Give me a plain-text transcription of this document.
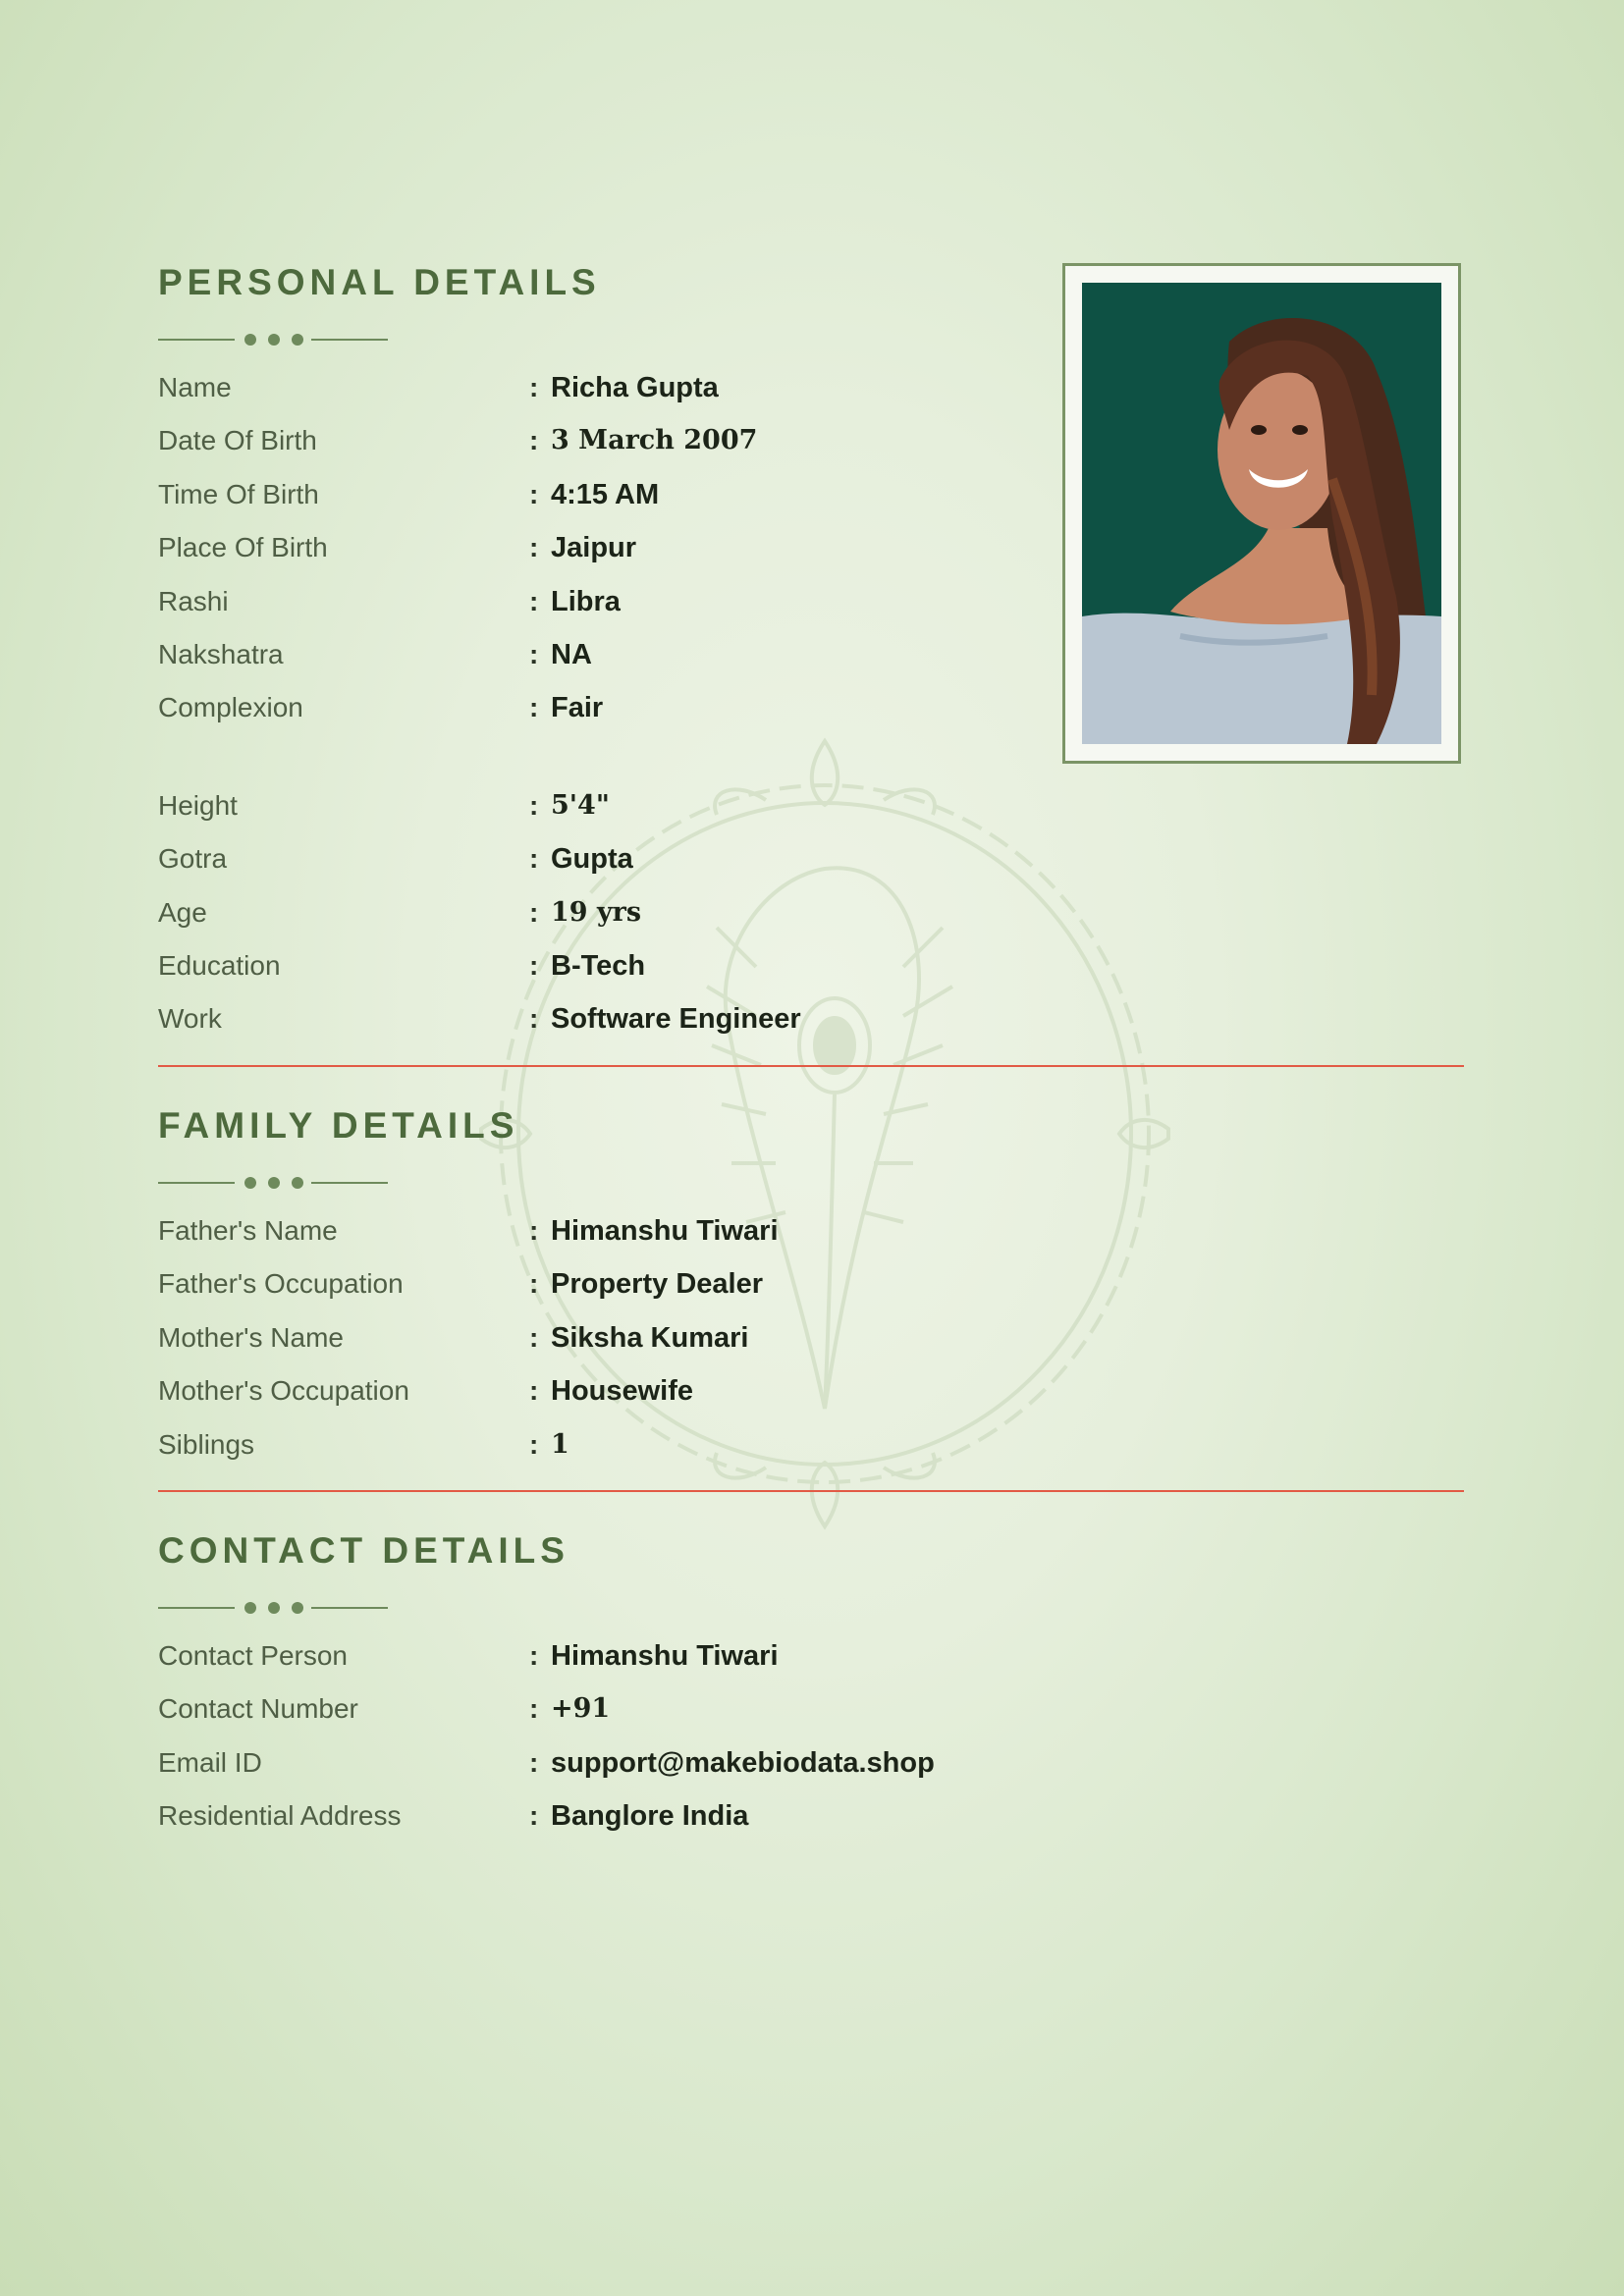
PERSONAL DETAILS
Name	: Richa Gupta
Date Of Birth	: 3 March 2007
Time Of Birth	: 4:15 AM
Place Of Birth	: Jaipur
Rashi	: Libra
Nakshatra	: NA
Complexion	: Fair
Height	: 5'4"
Gotra	: Gupta
Age	: 19 yrs
Education	: B-Tech
Work	: Software Engineer
FAMILY DETAILS
Father's Name	: Himanshu Tiwari
Father's Occupation	: Property Dealer
Mother's Name	: Siksha Kumari
Mother's Occupation	: Housewife
Siblings	: 1
CONTACT DETAILS
Contact Person	: Himanshu Tiwari
Contact Number	: +91
Email ID	: support@makebiodata.shop
Residential Address	: Banglore India
